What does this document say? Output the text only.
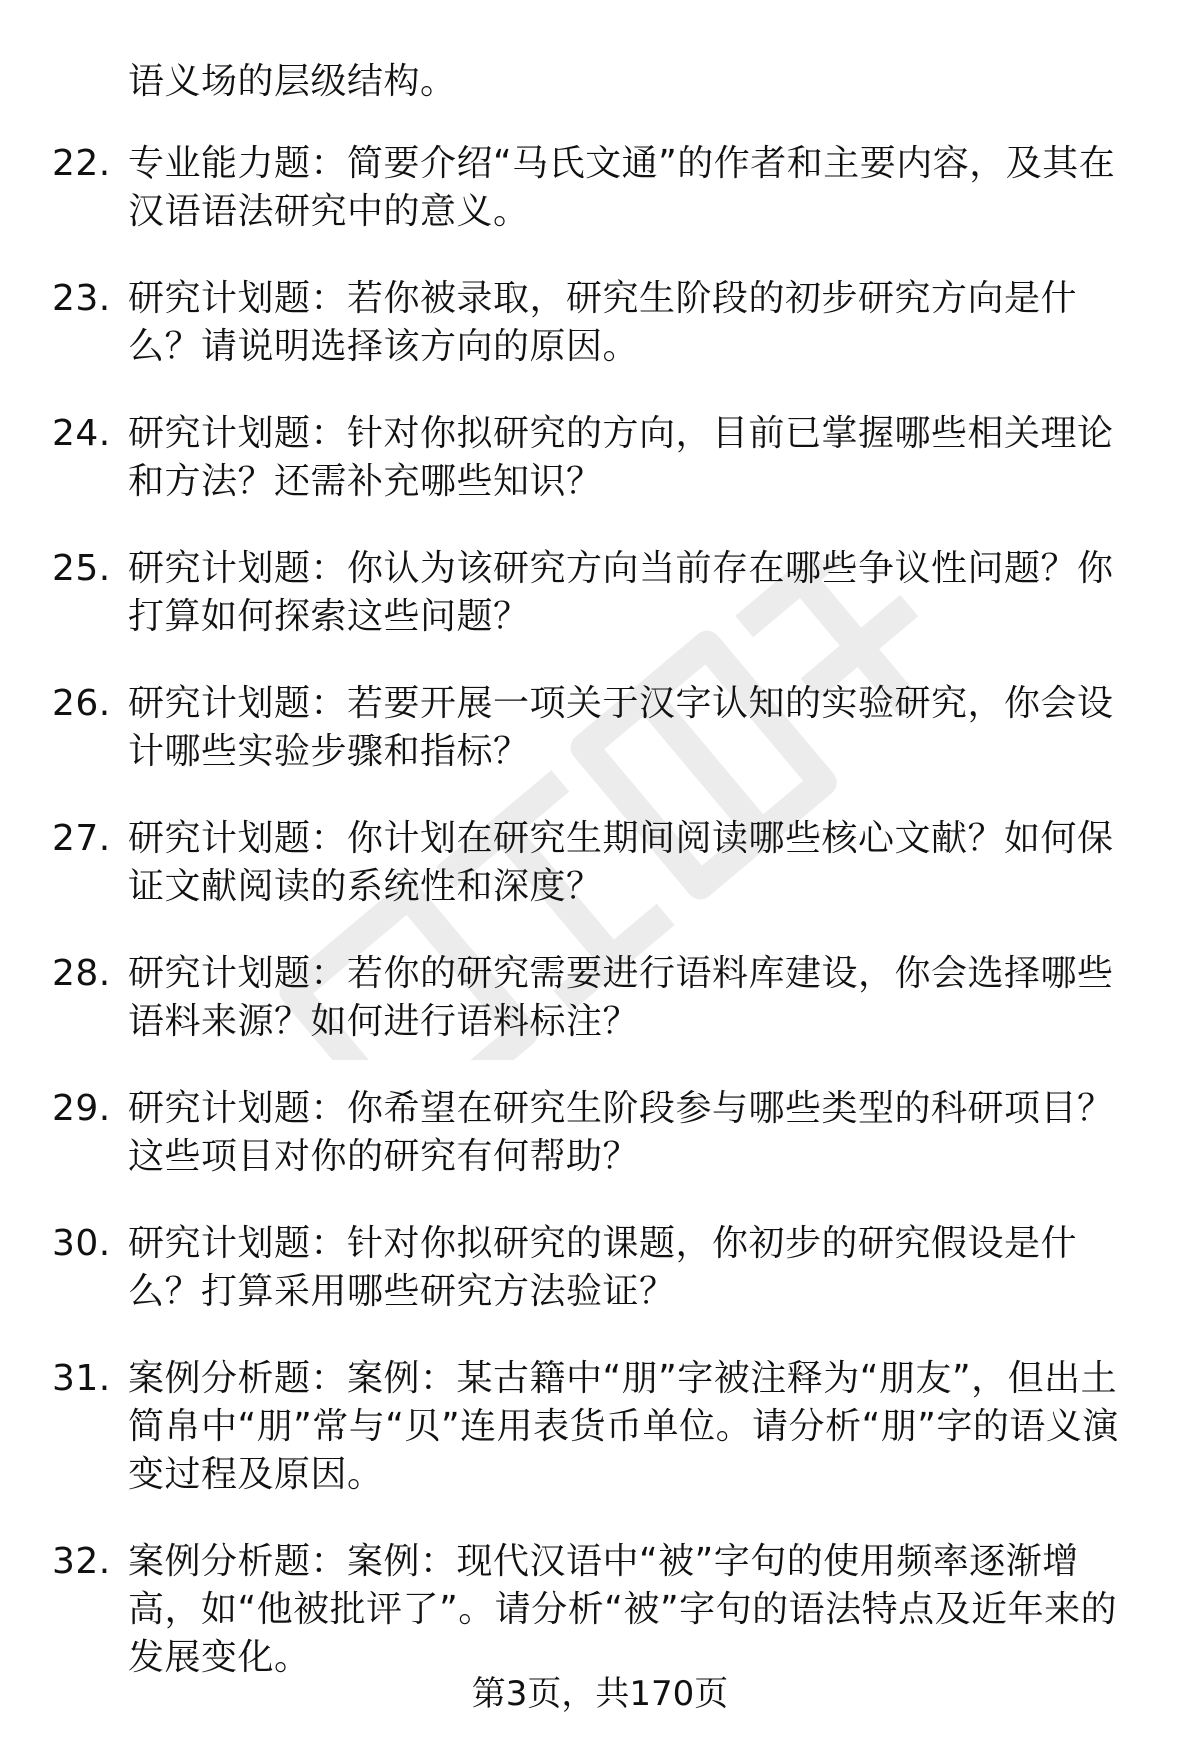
语义场的层级结构。
22. 专业能力题：简要介绍“马氏文通”的作者和主要内容，及其在汉语语法研究中的意义。
23. 研究计划题：若你被录取，研究生阶段的初步研究方向是什么？请说明选择该方向的原因。
24. 研究计划题：针对你拟研究的方向，目前已掌握哪些相关理论和方法？还需补充哪些知识？
25. 研究计划题：你认为该研究方向当前存在哪些争议性问题？你打算如何探索这些问题？
26. 研究计划题：若要开展一项关于汉字认知的实验研究，你会设计哪些实验步骤和指标？
27. 研究计划题：你计划在研究生期间阅读哪些核心文献？如何保证文献阅读的系统性和深度？
28. 研究计划题：若你的研究需要进行语料库建设，你会选择哪些语料来源？如何进行语料标注？
29. 研究计划题：你希望在研究生阶段参与哪些类型的科研项目？这些项目对你的研究有何帮助？
30. 研究计划题：针对你拟研究的课题，你初步的研究假设是什么？打算采用哪些研究方法验证？
31. 案例分析题：案例：某古籍中“朋”字被注释为“朋友”，但出土简帛中“朋”常与“贝”连用表货币单位。请分析“朋”字的语义演变过程及原因。
32. 案例分析题：案例：现代汉语中“被”字句的使用频率逐渐增高，如“他被批评了”。请分析“被”字句的语法特点及近年来的发展变化。
第3页，共170页
